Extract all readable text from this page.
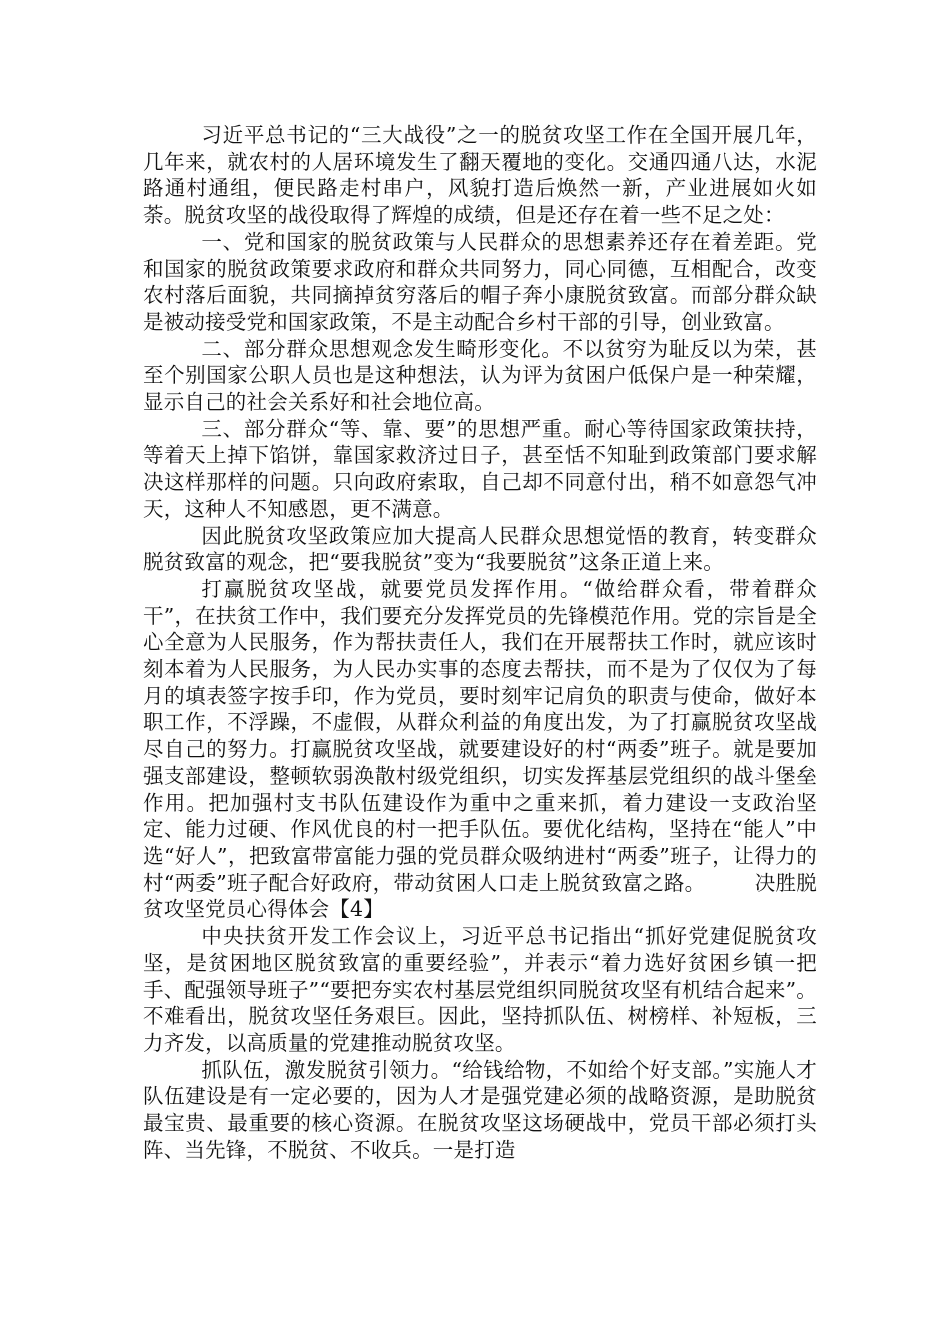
习近平总书记的“三大战役”之一的脱贫攻坚工作在全国开展几年，几年来，就农村的人居环境发生了翻天覆地的变化。交通四通八达，水泥路通村通组，便民路走村串户，风貌打造后焕然一新，产业进展如火如荼。脱贫攻坚的战役取得了辉煌的成绩，但是还存在着一些不足之处：

一、党和国家的脱贫政策与人民群众的思想素养还存在着差距。党和国家的脱贫政策要求政府和群众共同努力，同心同德，互相配合，改变农村落后面貌，共同摘掉贫穷落后的帽子奔小康脱贫致富。而部分群众缺是被动接受党和国家政策，不是主动配合乡村干部的引导，创业致富。

二、部分群众思想观念发生畸形变化。不以贫穷为耻反以为荣，甚至个别国家公职人员也是这种想法，认为评为贫困户低保户是一种荣耀，显示自己的社会关系好和社会地位高。

三、部分群众“等、靠、要”的思想严重。耐心等待国家政策扶持，等着天上掉下馅饼，靠国家救济过日子，甚至恬不知耻到政策部门要求解决这样那样的问题。只向政府索取，自己却不同意付出，稍不如意怨气冲天，这种人不知感恩，更不满意。

因此脱贫攻坚政策应加大提高人民群众思想觉悟的教育，转变群众脱贫致富的观念，把“要我脱贫”变为“我要脱贫”这条正道上来。

打赢脱贫攻坚战，就要党员发挥作用。“做给群众看，带着群众干”，在扶贫工作中，我们要充分发挥党员的先锋模范作用。党的宗旨是全心全意为人民服务，作为帮扶责任人，我们在开展帮扶工作时，就应该时刻本着为人民服务，为人民办实事的态度去帮扶，而不是为了仅仅为了每月的填表签字按手印，作为党员，要时刻牢记肩负的职责与使命，做好本职工作，不浮躁，不虚假，从群众利益的角度出发，为了打赢脱贫攻坚战尽自己的努力。打赢脱贫攻坚战，就要建设好的村“两委”班子。就是要加强支部建设，整顿软弱涣散村级党组织，切实发挥基层党组织的战斗堡垒作用。把加强村支书队伍建设作为重中之重来抓，着力建设一支政治坚定、能力过硬、作风优良的村一把手队伍。要优化结构，坚持在“能人”中选“好人”，把致富带富能力强的党员群众吸纳进村“两委”班子，让得力的村“两委”班子配合好政府，带动贫困人口走上脱贫致富之路。 决胜脱贫攻坚党员心得体会【4】

中央扶贫开发工作会议上，习近平总书记指出“抓好党建促脱贫攻坚，是贫困地区脱贫致富的重要经验”，并表示“着力选好贫困乡镇一把手、配强领导班子”“要把夯实农村基层党组织同脱贫攻坚有机结合起来”。不难看出，脱贫攻坚任务艰巨。因此，坚持抓队伍、树榜样、补短板，三力齐发，以高质量的党建推动脱贫攻坚。

抓队伍，激发脱贫引领力。“给钱给物，不如给个好支部。”实施人才队伍建设是有一定必要的，因为人才是强党建必须的战略资源，是助脱贫最宝贵、最重要的核心资源。在脱贫攻坚这场硬战中，党员干部必须打头阵、当先锋，不脱贫、不收兵。一是打造
